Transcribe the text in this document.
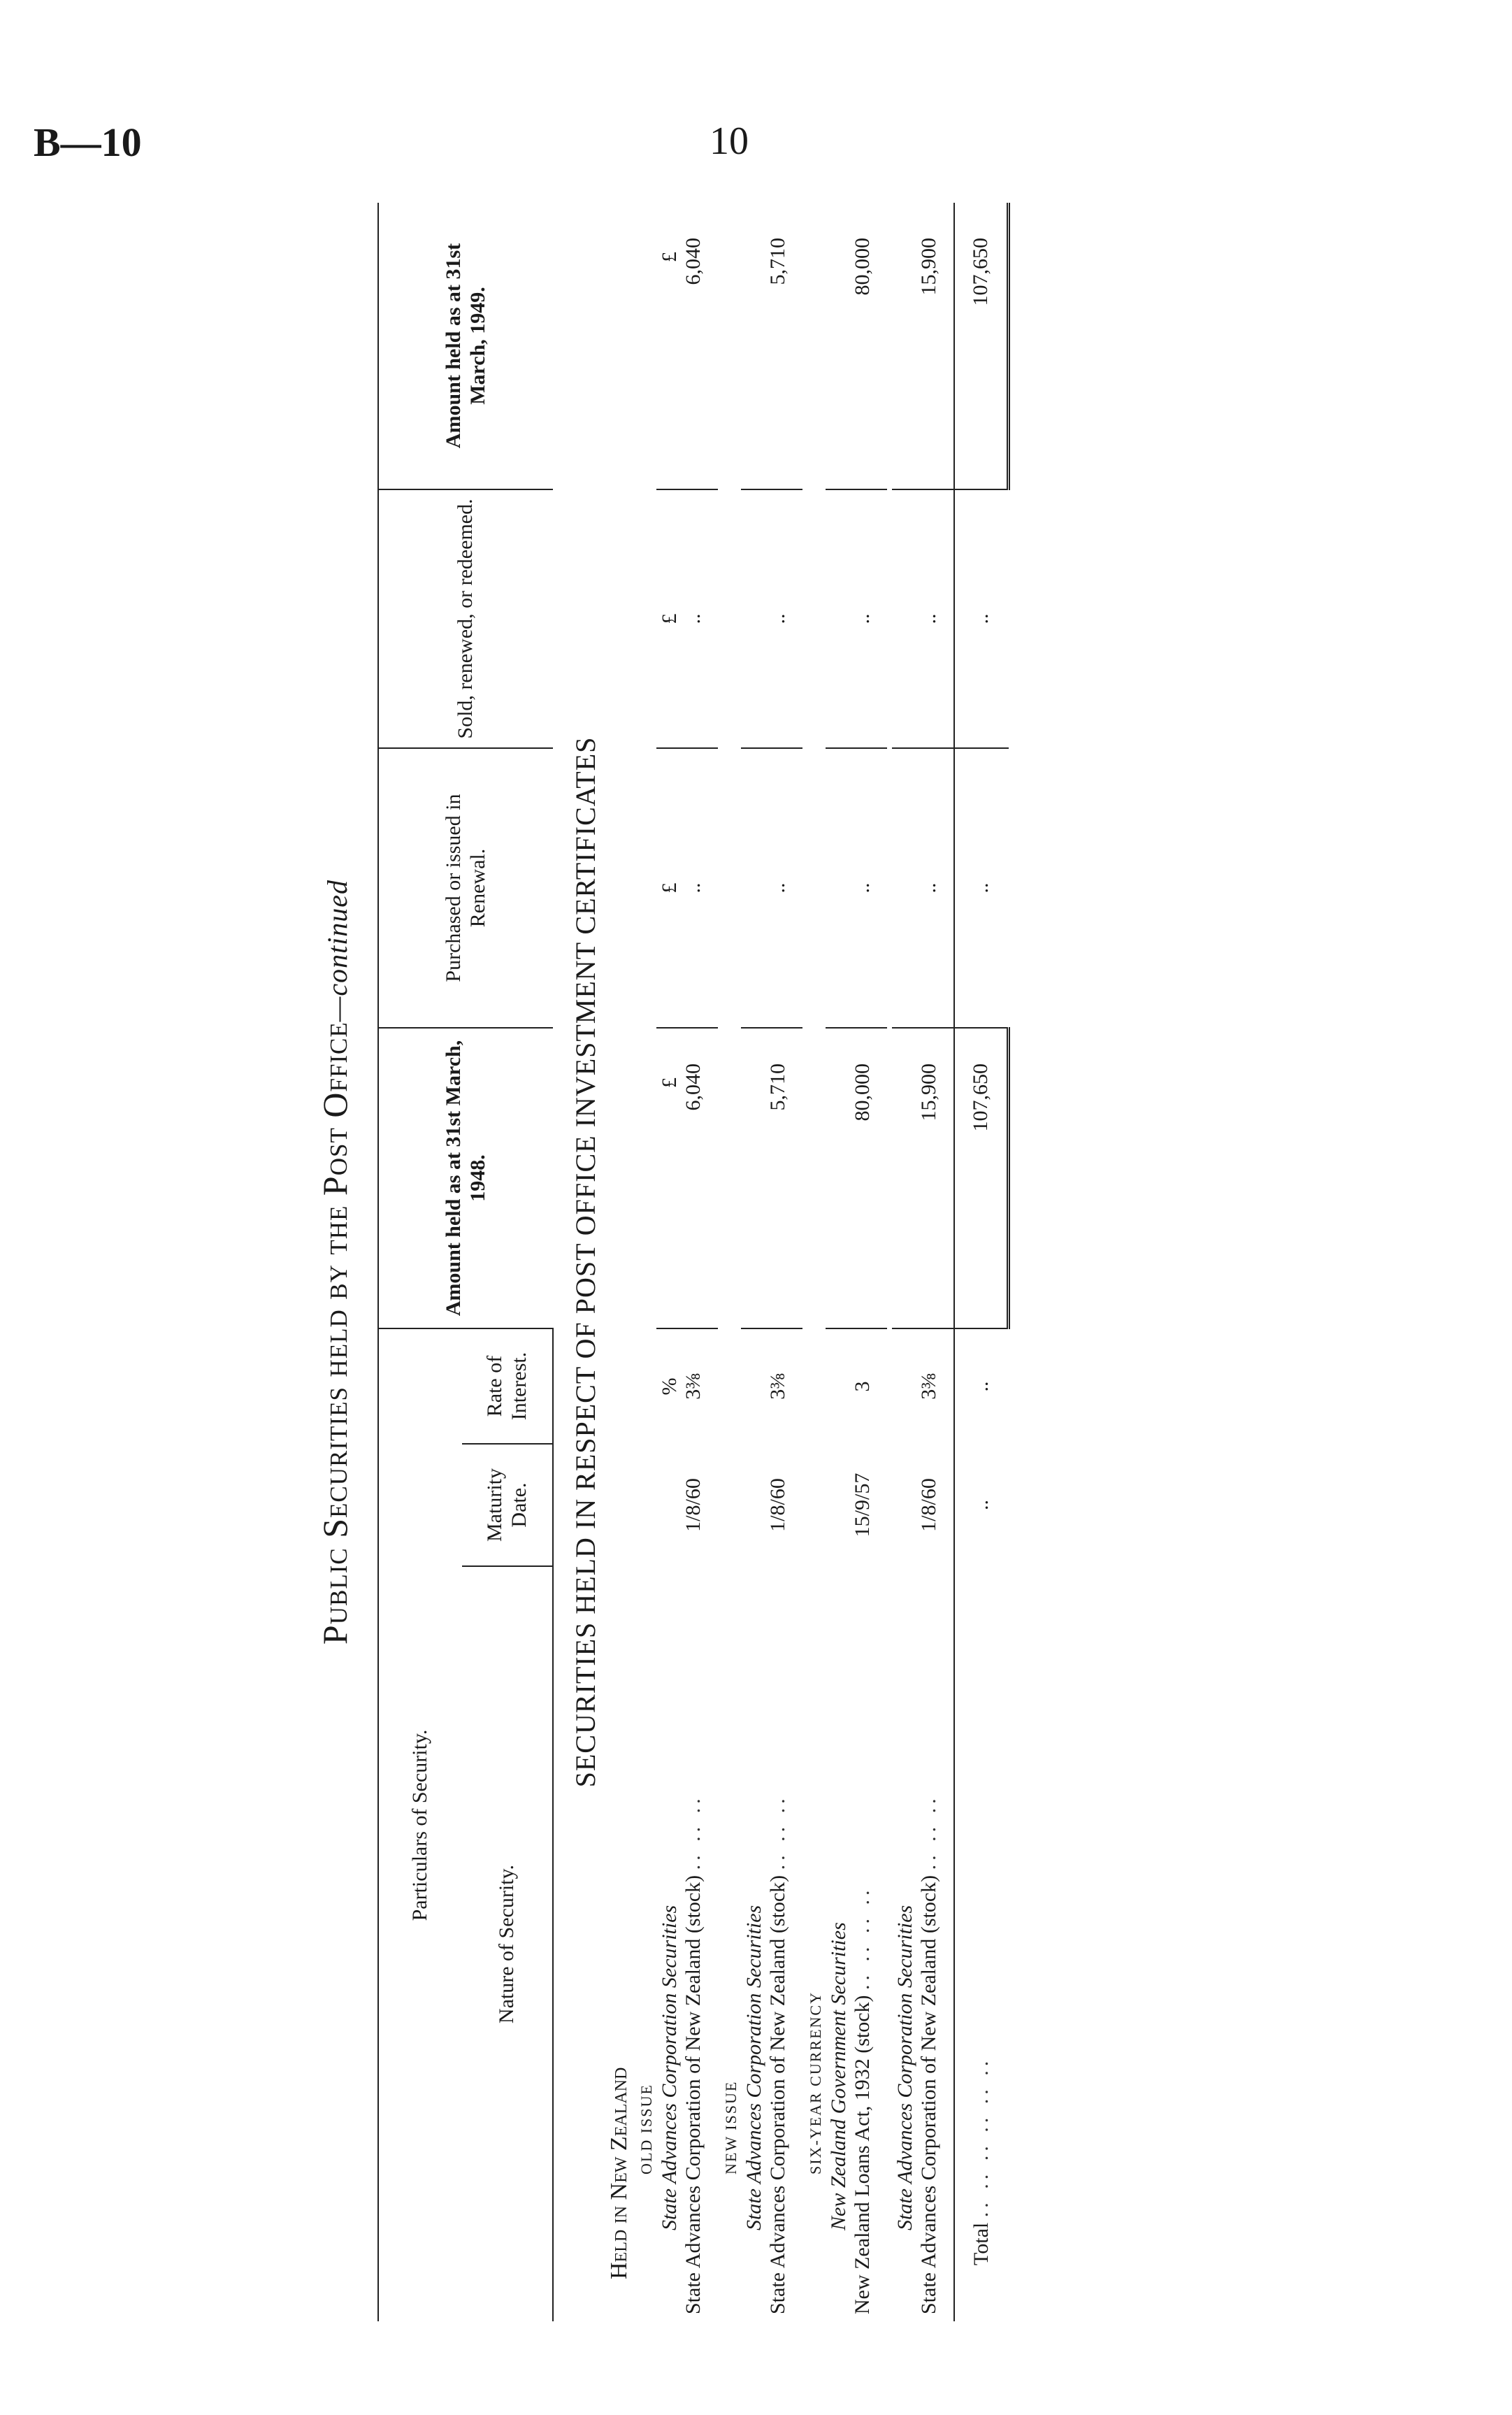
B—10	10
Public Securities held by the Post Office—continued
Particulars of Security.			Amount held as at 31st March, 1948.	Purchased or issued in Renewal.	Sold, renewed, or redeemed.	Amount held as at 31st March, 1949.
Nature of Security.	Maturity Date.	Rate of Interest.				
SECURITIES HELD IN RESPECT OF POST OFFICE INVESTMENT CERTIFICATES						
Held in New Zealand						
OLD ISSUE						

State Advances Corporation Securities State Advances Corporation of New Zealand (stock) .. .. ..	1/8/60	% 3⅜	£ 6,040	£ ..	£ ..	£ 6,040
NEW ISSUE						

State Advances Corporation Securities State Advances Corporation of New Zealand (stock) .. .. ..	1/8/60	3⅜	5,710	..	..	5,710
SIX-YEAR CURRENCY						

New Zealand Government Securities New Zealand Loans Act, 1932 (stock) .. .. .. ..	15/9/57	3	80,000	..	..	80,000

State Advances Corporation Securities State Advances Corporation of New Zealand (stock) .. .. ..	1/8/60	3⅜	15,900	..	..	15,900
Total .. .. .. .. .. ..	..	..	107,650	..	..	107,650
